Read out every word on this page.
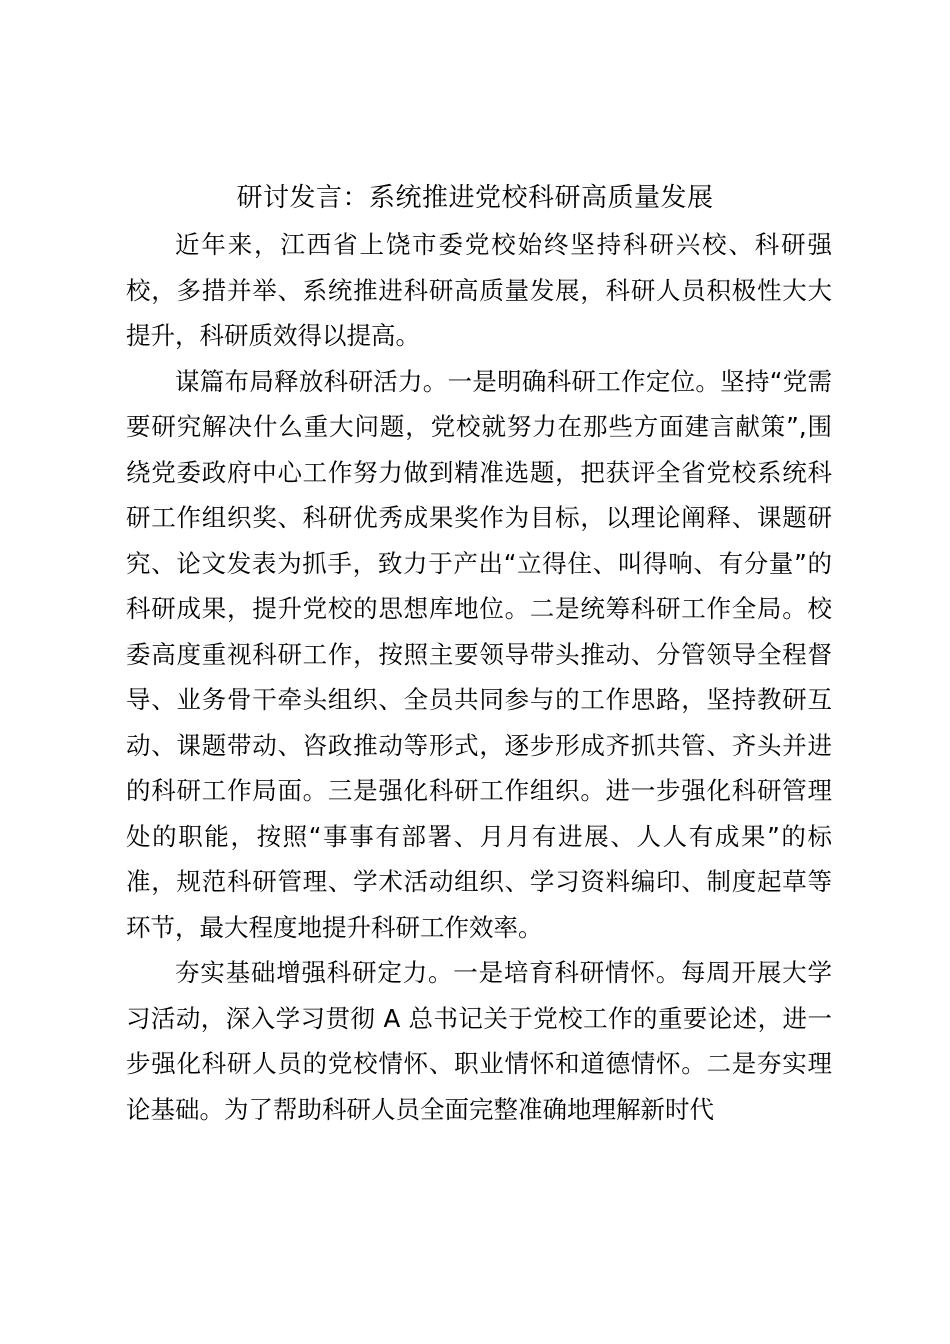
研讨发言：系统推进党校科研高质量发展

近年来，江西省上饶市委党校始终坚持科研兴校、科研强校，多措并举、系统推进科研高质量发展，科研人员积极性大大提升，科研质效得以提高。

谋篇布局释放科研活力。一是明确科研工作定位。坚持“党需要研究解决什么重大问题，党校就努力在那些方面建言献策”,围绕党委政府中心工作努力做到精准选题，把获评全省党校系统科研工作组织奖、科研优秀成果奖作为目标，以理论阐释、课题研究、论文发表为抓手，致力于产出“立得住、叫得响、有分量”的科研成果，提升党校的思想库地位。二是统筹科研工作全局。校委高度重视科研工作，按照主要领导带头推动、分管领导全程督导、业务骨干牵头组织、全员共同参与的工作思路，坚持教研互动、课题带动、咨政推动等形式，逐步形成齐抓共管、齐头并进的科研工作局面。三是强化科研工作组织。进一步强化科研管理处的职能，按照“事事有部署、月月有进展、人人有成果”的标准，规范科研管理、学术活动组织、学习资料编印、制度起草等环节，最大程度地提升科研工作效率。

夯实基础增强科研定力。一是培育科研情怀。每周开展大学习活动，深入学习贯彻 A 总书记关于党校工作的重要论述，进一步强化科研人员的党校情怀、职业情怀和道德情怀。二是夯实理论基础。为了帮助科研人员全面完整准确地理解新时代
